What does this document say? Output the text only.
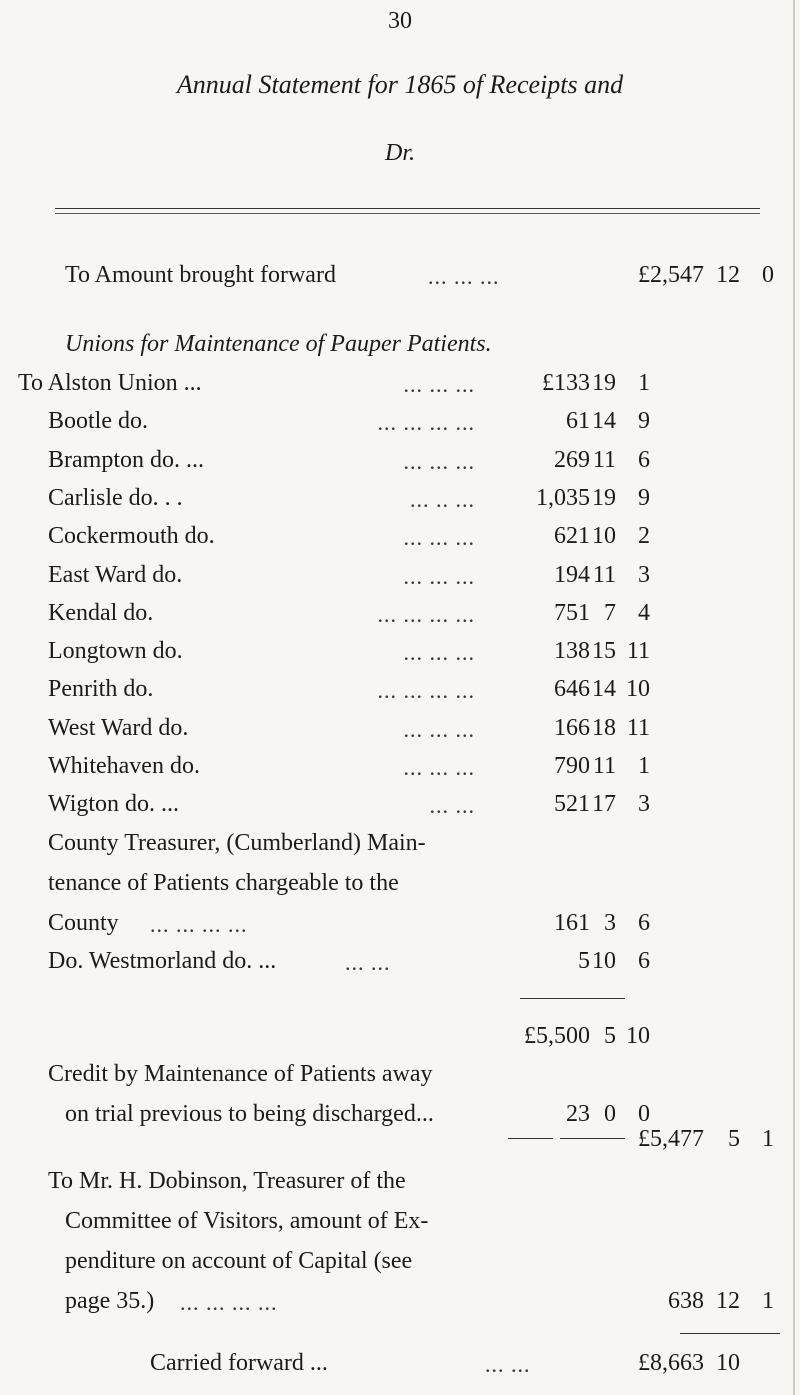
30
Annual Statement for 1865 of Receipts and
Dr.
To Amount brought forward	... ... ...	£2,547 12 0
Unions for Maintenance of Pauper Patients.
To Alston Union ...	... ... ...	£133 19 1
Bootle do.	... ... ... ...	61 14 9
Brampton do. ...	... ... ...	269 11 6
Carlisle do. . .	... .. ...	1,035 19 9
Cockermouth do.	... ... ...	621 10 2
East Ward do.	... ... ...	194 11 3
Kendal do.	... ... ... ...	751 7 4
Longtown do.	... ... ...	138 15 11
Penrith do.	... ... ... ...	646 14 10
West Ward do.	... ... ...	166 18 11
Whitehaven do.	... ... ...	790 11 1
Wigton do. ...	... ...	521 17 3
County Treasurer, (Cumberland) Main-
tenance of Patients chargeable to the
County ... ... ... ...	161 3 6
Do. Westmorland do. ...	... ...	5 10 6
£5,500 5 10
Credit by Maintenance of Patients away
on trial previous to being discharged...	23 0 0
£5,477	5 1
To Mr. H. Dobinson, Treasurer of the
Committee of Visitors, amount of Ex-
penditure on account of Capital (see
page 35.) ... ... ... ...	638 12 1
Carried forward ...	... ...	£8,663 10
